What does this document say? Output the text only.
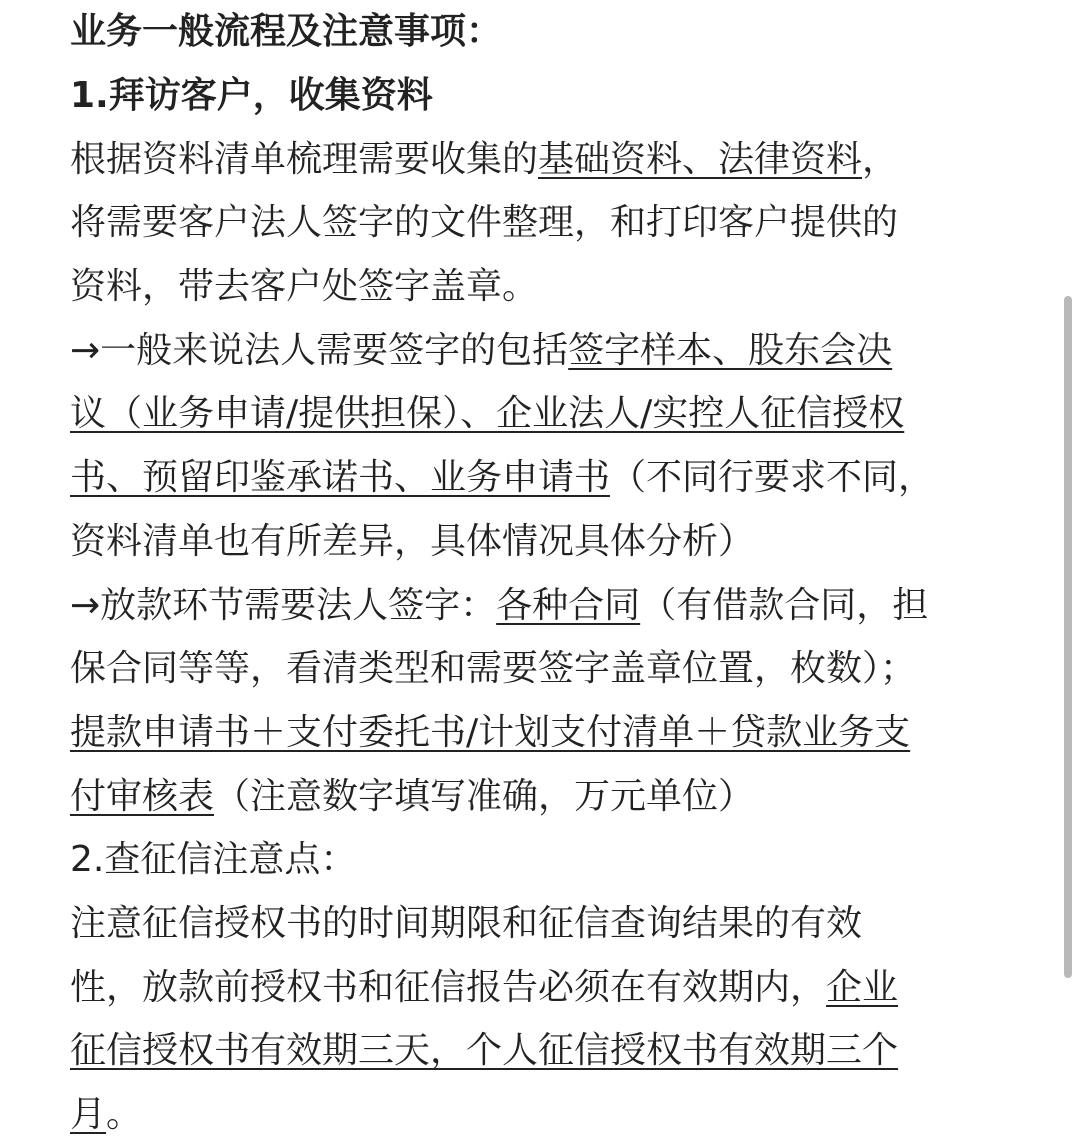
业务一般流程及注意事项：
1.拜访客户，收集资料
根据资料清单梳理需要收集的基础资料、法律资料，
将需要客户法人签字的文件整理，和打印客户提供的
资料，带去客户处签字盖章。
→一般来说法人需要签字的包括签字样本、股东会决
议（业务申请/提供担保）、企业法人/实控人征信授权
书、预留印鉴承诺书、业务申请书（不同行要求不同，
资料清单也有所差异，具体情况具体分析）
→放款环节需要法人签字：各种合同（有借款合同，担
保合同等等，看清类型和需要签字盖章位置，枚数）；
提款申请书＋支付委托书/计划支付清单＋贷款业务支
付审核表（注意数字填写准确，万元单位）
2.查征信注意点：
注意征信授权书的时间期限和征信查询结果的有效
性，放款前授权书和征信报告必须在有效期内，企业
征信授权书有效期三天，个人征信授权书有效期三个
月。
